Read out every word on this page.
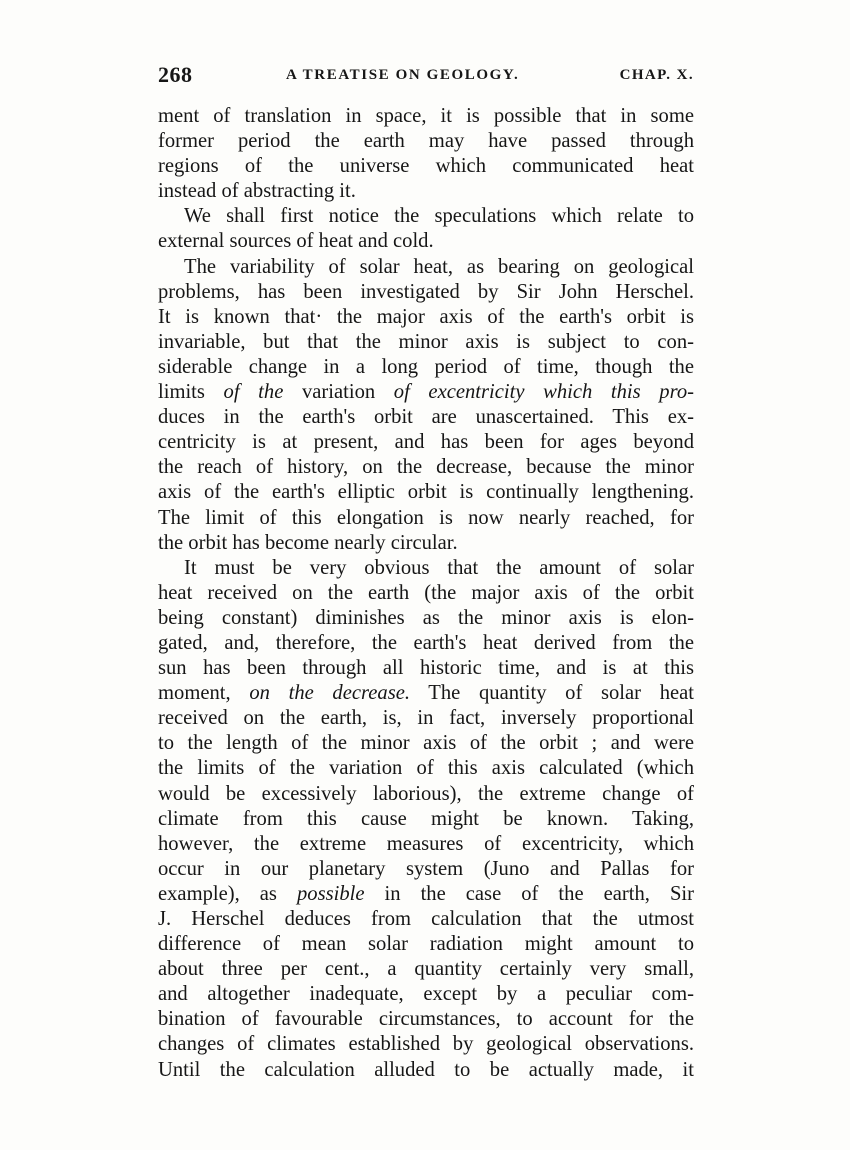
268	A TREATISE ON GEOLOGY.	CHAP. X.
ment of translation in space, it is possible that in some
former period the earth may have passed through
regions of the universe which communicated heat
instead of abstracting it.
We shall first notice the speculations which relate to
external sources of heat and cold.
The variability of solar heat, as bearing on geological
problems, has been investigated by Sir John Herschel.
It is known that· the major axis of the earth's orbit is
invariable, but that the minor axis is subject to con-
siderable change in a long period of time, though the
limits of the variation of excentricity which this pro-
duces in the earth's orbit are unascertained. This ex-
centricity is at present, and has been for ages beyond
the reach of history, on the decrease, because the minor
axis of the earth's elliptic orbit is continually lengthening.
The limit of this elongation is now nearly reached, for
the orbit has become nearly circular.
It must be very obvious that the amount of solar
heat received on the earth (the major axis of the orbit
being constant) diminishes as the minor axis is elon-
gated, and, therefore, the earth's heat derived from the
sun has been through all historic time, and is at this
moment, on the decrease. The quantity of solar heat
received on the earth, is, in fact, inversely proportional
to the length of the minor axis of the orbit ; and were
the limits of the variation of this axis calculated (which
would be excessively laborious), the extreme change of
climate from this cause might be known. Taking,
however, the extreme measures of excentricity, which
occur in our planetary system (Juno and Pallas for
example), as possible in the case of the earth, Sir
J. Herschel deduces from calculation that the utmost
difference of mean solar radiation might amount to
about three per cent., a quantity certainly very small,
and altogether inadequate, except by a peculiar com-
bination of favourable circumstances, to account for the
changes of climates established by geological observations.
Until the calculation alluded to be actually made, it
